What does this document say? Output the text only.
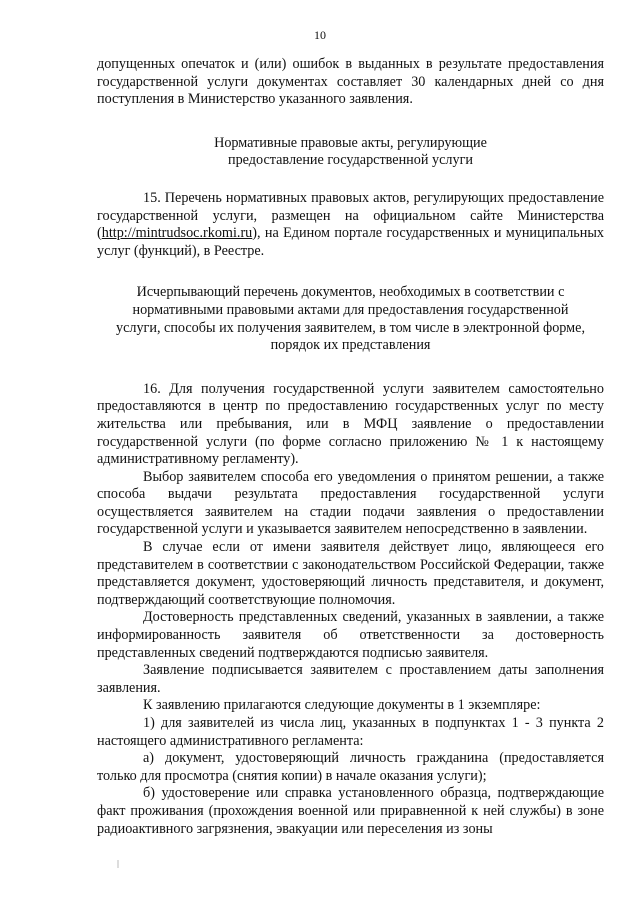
10

допущенных опечаток и (или) ошибок в выданных в результате предоставления государственной услуги документах составляет 30 календарных дней со дня поступления в Министерство указанного заявления.

Нормативные правовые акты, регулирующие
предоставление государственной услуги

15. Перечень нормативных правовых актов, регулирующих предоставление государственной услуги, размещен на официальном сайте Министерства (http://mintrudsoc.rkomi.ru), на Едином портале государственных и муниципальных услуг (функций), в Реестре.

Исчерпывающий перечень документов, необходимых в соответствии с
нормативными правовыми актами для предоставления государственной
услуги, способы их получения заявителем, в том числе в электронной форме,
порядок их представления

16. Для получения государственной услуги заявителем самостоятельно предоставляются в центр по предоставлению государственных услуг по месту жительства или пребывания, или в МФЦ заявление о предоставлении государственной услуги (по форме согласно приложению № 1 к настоящему административному регламенту).

Выбор заявителем способа его уведомления о принятом решении, а также способа выдачи результата предоставления государственной услуги осуществляется заявителем на стадии подачи заявления о предоставлении государственной услуги и указывается заявителем непосредственно в заявлении.

В случае если от имени заявителя действует лицо, являющееся его представителем в соответствии с законодательством Российской Федерации, также представляется документ, удостоверяющий личность представителя, и документ, подтверждающий соответствующие полномочия.

Достоверность представленных сведений, указанных в заявлении, а также информированность заявителя об ответственности за достоверность представленных сведений подтверждаются подписью заявителя.

Заявление подписывается заявителем с проставлением даты заполнения заявления.

К заявлению прилагаются следующие документы в 1 экземпляре:

1) для заявителей из числа лиц, указанных в подпунктах 1 - 3 пункта 2 настоящего административного регламента:

а) документ, удостоверяющий личность гражданина (предоставляется только для просмотра (снятия копии) в начале оказания услуги);

б) удостоверение или справка установленного образца, подтверждающие факт проживания (прохождения военной или приравненной к ней службы) в зоне радиоактивного загрязнения, эвакуации или переселения из зоны
